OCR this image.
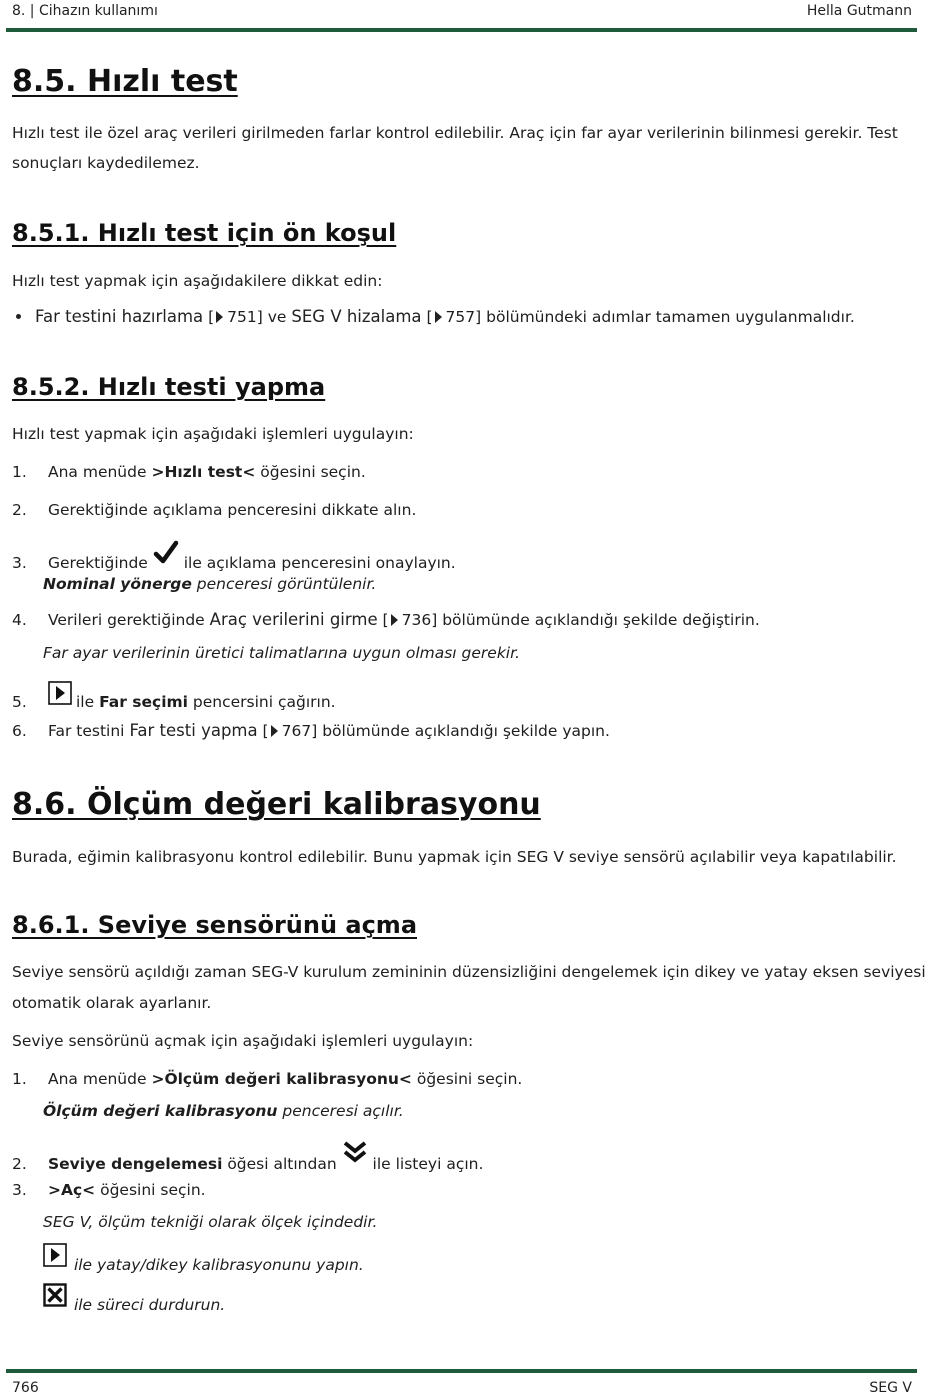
8. | Cihazın kullanımı	Hella Gutmann
8.5. Hızlı test
Hızlı test ile özel araç verileri girilmeden farlar kontrol edilebilir. Araç için far ayar verilerinin bilinmesi gerekir. Test
sonuçları kaydedilemez.
8.5.1. Hızlı test için ön koşul
Hızlı test yapmak için aşağıdakilere dikkat edin:
Far testini hazırlama [ 751] ve SEG V hizalama [ 757] bölümündeki adımlar tamamen uygulanmalıdır.
8.5.2. Hızlı testi yapma
Hızlı test yapmak için aşağıdaki işlemleri uygulayın:
1. Ana menüde >Hızlı test< öğesini seçin.
2. Gerektiğinde açıklama penceresini dikkate alın.
3. Gerektiğinde ile açıklama penceresini onaylayın.
Nominal yönerge penceresi görüntülenir.
4. Verileri gerektiğinde Araç verilerini girme [ 736] bölümünde açıklandığı şekilde değiştirin.
Far ayar verilerinin üretici talimatlarına uygun olması gerekir.
5.	ile Far seçimi pencersini çağırın.
6. Far testini Far testi yapma [ 767] bölümünde açıklandığı şekilde yapın.
8.6. Ölçüm değeri kalibrasyonu
Burada, eğimin kalibrasyonu kontrol edilebilir. Bunu yapmak için SEG V seviye sensörü açılabilir veya kapatılabilir.
8.6.1. Seviye sensörünü açma
Seviye sensörü açıldığı zaman SEG-V kurulum zemininin düzensizliğini dengelemek için dikey ve yatay eksen seviyesi
otomatik olarak ayarlanır.
Seviye sensörünü açmak için aşağıdaki işlemleri uygulayın:
1. Ana menüde >Ölçüm değeri kalibrasyonu< öğesini seçin.
Ölçüm değeri kalibrasyonu penceresi açılır.
2. Seviye dengelemesi öğesi altından ile listeyi açın.
3. >Aç< öğesini seçin.
SEG V, ölçüm tekniği olarak ölçek içindedir.
ile yatay/dikey kalibrasyonunu yapın.
ile süreci durdurun.
766	SEG V
